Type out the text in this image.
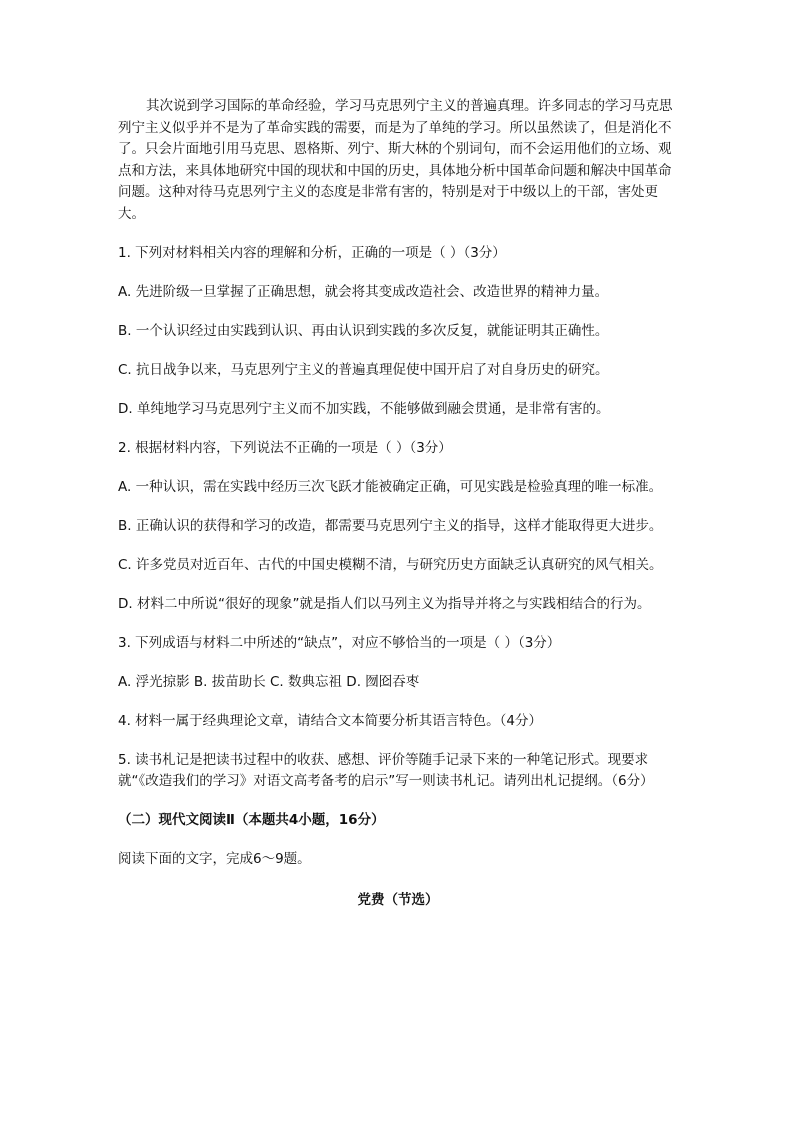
其次说到学习国际的革命经验，学习马克思列宁主义的普遍真理。许多同志的学习马克思列宁主义似乎并不是为了革命实践的需要，而是为了单纯的学习。所以虽然读了，但是消化不了。只会片面地引用马克思、恩格斯、列宁、斯大林的个别词句，而不会运用他们的立场、观点和方法，来具体地研究中国的现状和中国的历史，具体地分析中国革命问题和解决中国革命问题。这种对待马克思列宁主义的态度是非常有害的，特别是对于中级以上的干部，害处更大。

1. 下列对材料相关内容的理解和分析，正确的一项是（ ）（3分）
A. 先进阶级一旦掌握了正确思想，就会将其变成改造社会、改造世界的精神力量。
B. 一个认识经过由实践到认识、再由认识到实践的多次反复，就能证明其正确性。
C. 抗日战争以来，马克思列宁主义的普遍真理促使中国开启了对自身历史的研究。
D. 单纯地学习马克思列宁主义而不加实践，不能够做到融会贯通，是非常有害的。
2. 根据材料内容，下列说法不正确的一项是（ ）（3分）
A. 一种认识，需在实践中经历三次飞跃才能被确定正确，可见实践是检验真理的唯一标准。
B. 正确认识的获得和学习的改造，都需要马克思列宁主义的指导，这样才能取得更大进步。
C. 许多党员对近百年、古代的中国史模糊不清，与研究历史方面缺乏认真研究的风气相关。
D. 材料二中所说“很好的现象”就是指人们以马列主义为指导并将之与实践相结合的行为。
3. 下列成语与材料二中所述的“缺点”，对应不够恰当的一项是（ ）（3分）
A. 浮光掠影 B. 拔苗助长 C. 数典忘祖 D. 囫囵吞枣
4. 材料一属于经典理论文章，请结合文本简要分析其语言特色。（4分）
5. 读书札记是把读书过程中的收获、感想、评价等随手记录下来的一种笔记形式。现要求就“《改造我们的学习》对语文高考备考的启示”写一则读书札记。请列出札记提纲。（6分）
（二）现代文阅读Ⅱ（本题共4小题，16分）
阅读下面的文字，完成6～9题。
党费（节选）
